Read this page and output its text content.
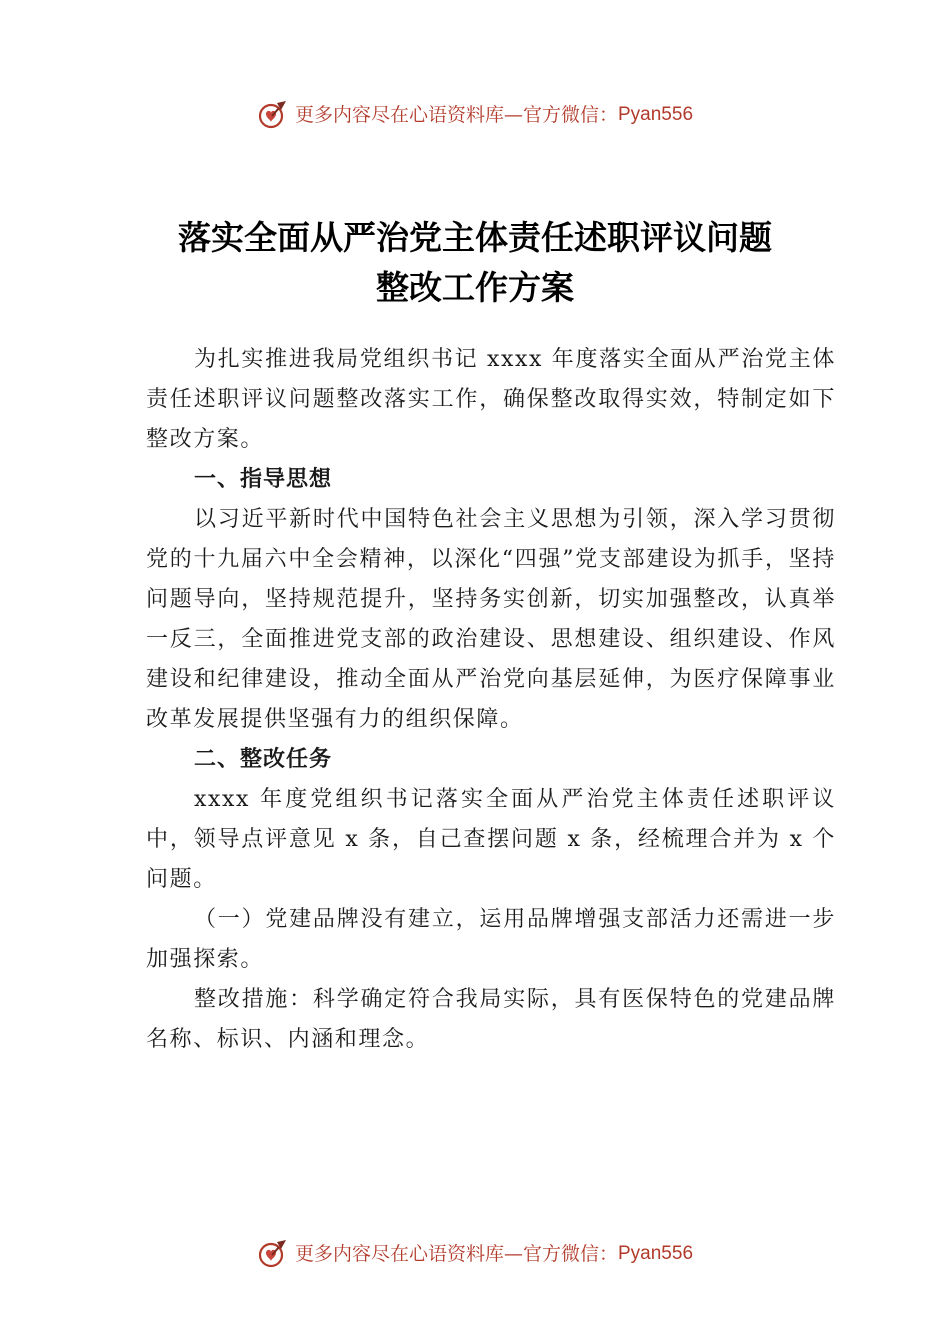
更多内容尽在心语资料库—官方微信： Pyan556
落实全面从严治党主体责任述职评议问题
整改工作方案

为扎实推进我局党组织书记 xxxx 年度落实全面从严治党主体责任述职评议问题整改落实工作，确保整改取得实效，特制定如下整改方案。

一、指导思想

以习近平新时代中国特色社会主义思想为引领，深入学习贯彻党的十九届六中全会精神，以深化“四强”党支部建设为抓手，坚持问题导向，坚持规范提升，坚持务实创新，切实加强整改，认真举一反三，全面推进党支部的政治建设、思想建设、组织建设、作风建设和纪律建设，推动全面从严治党向基层延伸，为医疗保障事业改革发展提供坚强有力的组织保障。

二、整改任务

xxxx 年度党组织书记落实全面从严治党主体责任述职评议中，领导点评意见 x 条，自己查摆问题 x 条，经梳理合并为 x 个问题。

（一）党建品牌没有建立，运用品牌增强支部活力还需进一步加强探索。

整改措施：科学确定符合我局实际，具有医保特色的党建品牌名称、标识、内涵和理念。

更多内容尽在心语资料库—官方微信： Pyan556
